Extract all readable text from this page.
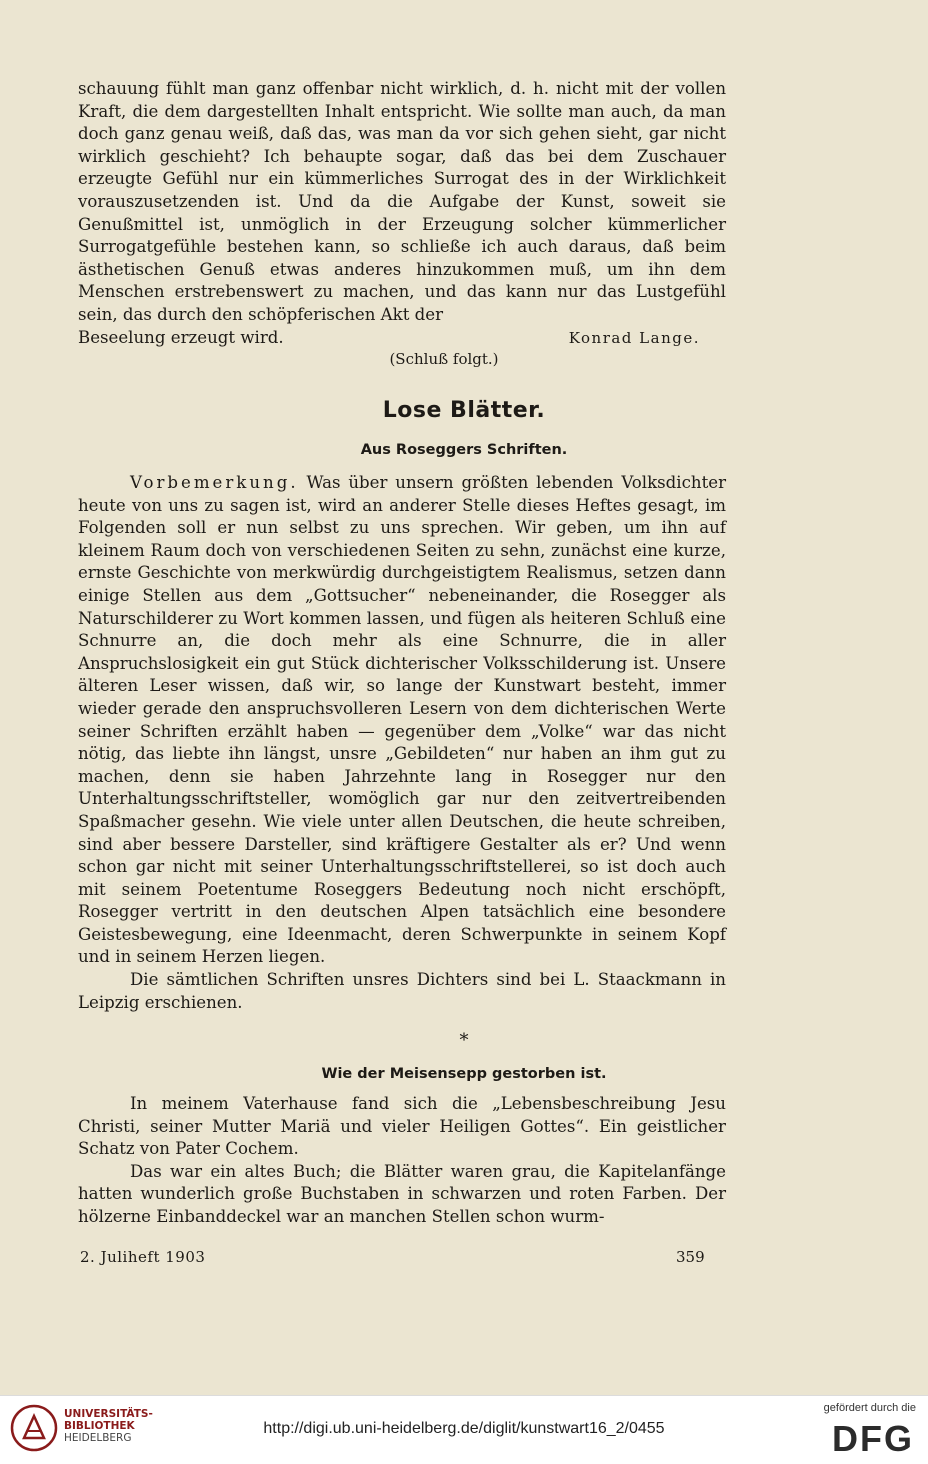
schauung fühlt man ganz offenbar nicht wirklich, d. h. nicht mit der vollen Kraft, die dem dargestellten Inhalt entspricht. Wie sollte man auch, da man doch ganz genau weiß, daß das, was man da vor sich gehen sieht, gar nicht wirklich geschieht? Ich behaupte sogar, daß das bei dem Zuschauer erzeugte Gefühl nur ein kümmerliches Surrogat des in der Wirklichkeit vorauszusetzenden ist. Und da die Aufgabe der Kunst, soweit sie Genußmittel ist, unmöglich in der Erzeugung solcher kümmerlicher Surrogatgefühle bestehen kann, so schließe ich auch daraus, daß beim ästhetischen Genuß etwas anderes hinzukommen muß, um ihn dem Menschen erstrebenswert zu machen, und das kann nur das Lustgefühl sein, das durch den schöpferischen Akt der

Beseelung erzeugt wird.	Konrad Lange.
(Schluß folgt.)
Lose Blätter.
Aus Roseggers Schriften.

Vorbemerkung. Was über unsern größten lebenden Volksdichter heute von uns zu sagen ist, wird an anderer Stelle dieses Heftes gesagt, im Folgenden soll er nun selbst zu uns sprechen. Wir geben, um ihn auf kleinem Raum doch von verschiedenen Seiten zu sehn, zunächst eine kurze, ernste Geschichte von merkwürdig durchgeistigtem Realismus, setzen dann einige Stellen aus dem „Gottsucher“ nebeneinander, die Rosegger als Naturschilderer zu Wort kommen lassen, und fügen als heiteren Schluß eine Schnurre an, die doch mehr als eine Schnurre, die in aller Anspruchslosigkeit ein gut Stück dichterischer Volksschilderung ist. Unsere älteren Leser wissen, daß wir, so lange der Kunstwart besteht, immer wieder gerade den anspruchsvolleren Lesern von dem dichterischen Werte seiner Schriften erzählt haben — gegenüber dem „Volke“ war das nicht nötig, das liebte ihn längst, unsre „Gebildeten“ nur haben an ihm gut zu machen, denn sie haben Jahrzehnte lang in Rosegger nur den Unterhaltungsschriftsteller, womöglich gar nur den zeitvertreibenden Spaßmacher gesehn. Wie viele unter allen Deutschen, die heute schreiben, sind aber bessere Darsteller, sind kräftigere Gestalter als er? Und wenn schon gar nicht mit seiner Unterhaltungsschriftstellerei, so ist doch auch mit seinem Poetentume Roseggers Bedeutung noch nicht erschöpft, Rosegger vertritt in den deutschen Alpen tatsächlich eine besondere Geistesbewegung, eine Ideenmacht, deren Schwerpunkte in seinem Kopf und in seinem Herzen liegen.

Die sämtlichen Schriften unsres Dichters sind bei L. Staackmann in Leipzig erschienen.

*
Wie der Meisensepp gestorben ist.

In meinem Vaterhause fand sich die „Lebensbeschreibung Jesu Christi, seiner Mutter Mariä und vieler Heiligen Gottes“. Ein geistlicher Schatz von Pater Cochem.

Das war ein altes Buch; die Blätter waren grau, die Kapitelanfänge hatten wunderlich große Buchstaben in schwarzen und roten Farben. Der hölzerne Einbanddeckel war an manchen Stellen schon wurm-

2. Juliheft 1903	359
UNIVERSITÄTS-BIBLIOTHEK
HEIDELBERG
http://digi.ub.uni-heidelberg.de/diglit/kunstwart16_2/0455
gefördert durch die
DFG
